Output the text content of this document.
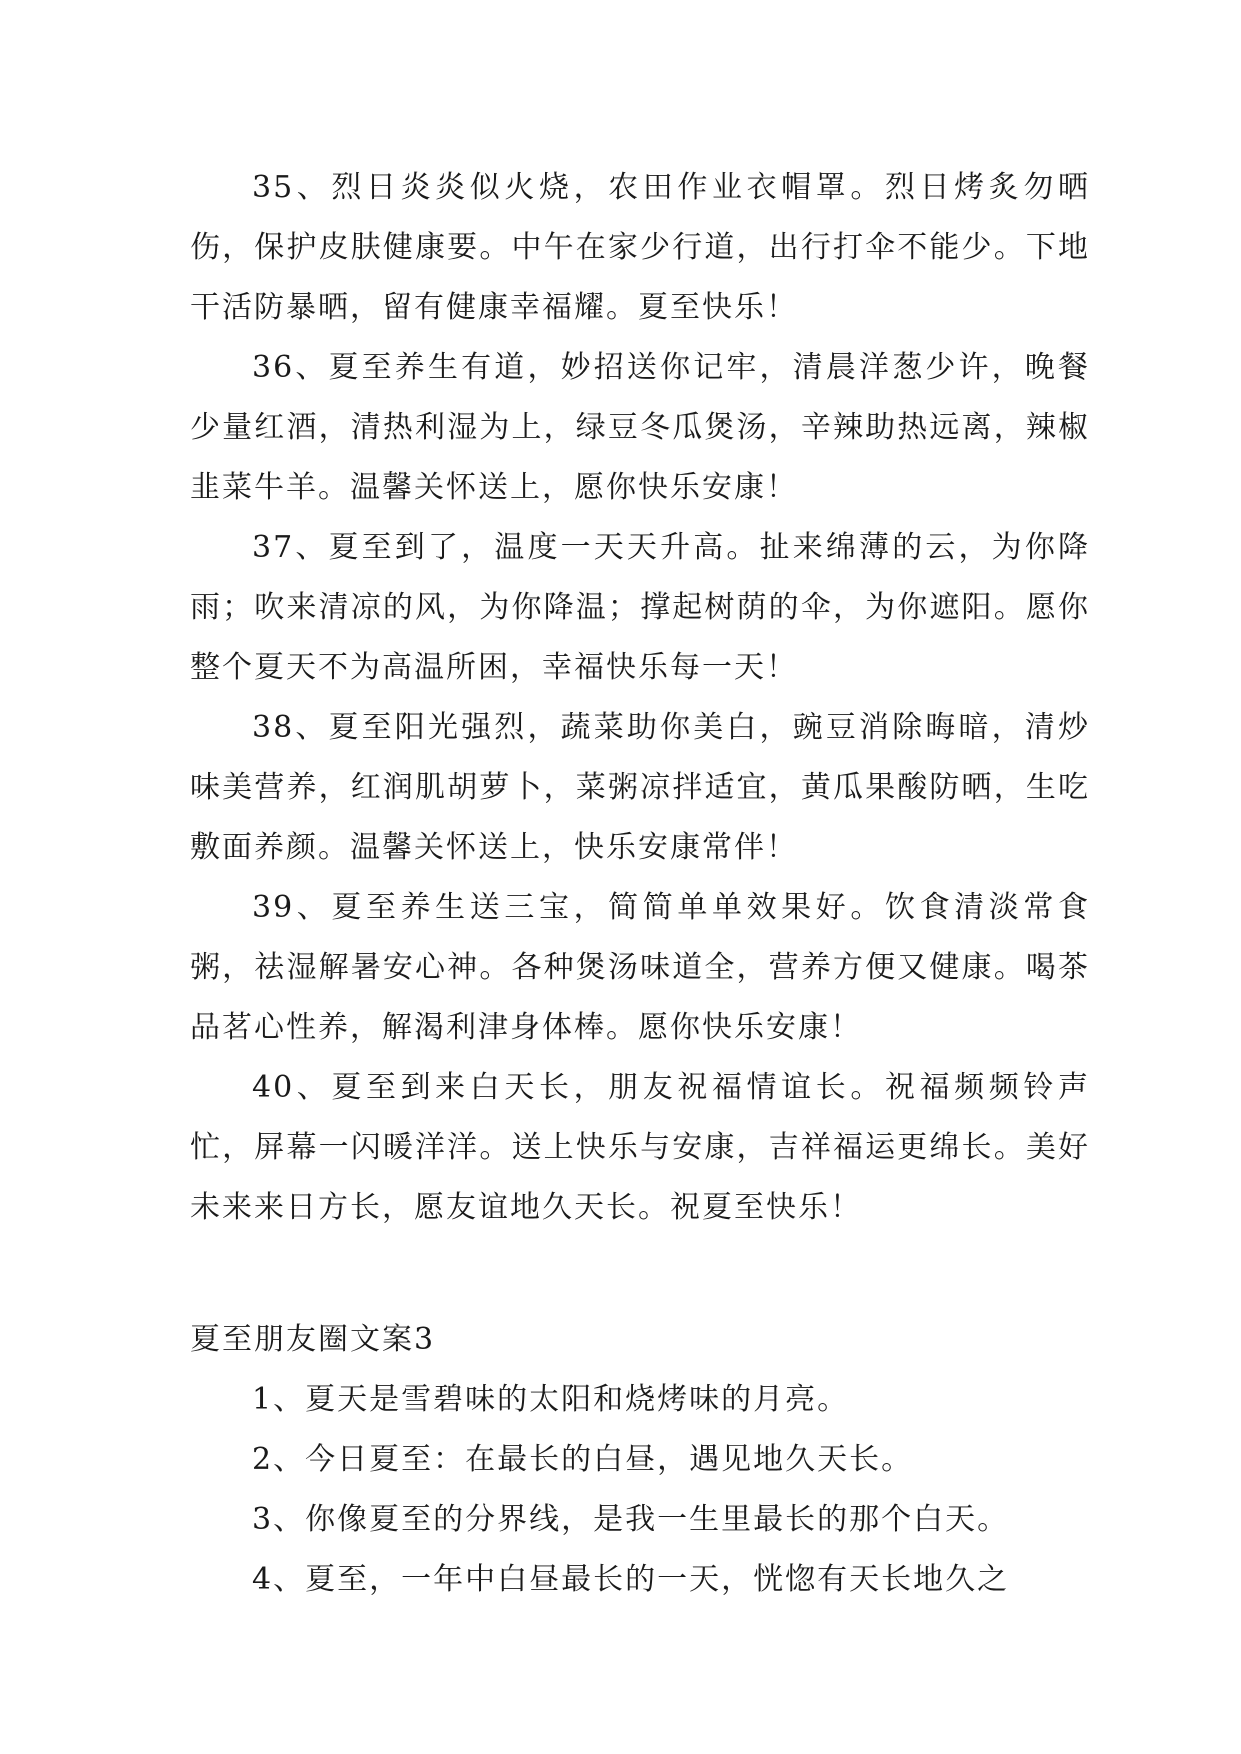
35、烈日炎炎似火烧，农田作业衣帽罩。烈日烤炙勿晒伤，保护皮肤健康要。中午在家少行道，出行打伞不能少。下地干活防暴晒，留有健康幸福耀。夏至快乐！

36、夏至养生有道，妙招送你记牢，清晨洋葱少许，晚餐少量红酒，清热利湿为上，绿豆冬瓜煲汤，辛辣助热远离，辣椒韭菜牛羊。温馨关怀送上，愿你快乐安康！

37、夏至到了，温度一天天升高。扯来绵薄的云，为你降雨；吹来清凉的风，为你降温；撑起树荫的伞，为你遮阳。愿你整个夏天不为高温所困，幸福快乐每一天！

38、夏至阳光强烈，蔬菜助你美白，豌豆消除晦暗，清炒味美营养，红润肌胡萝卜，菜粥凉拌适宜，黄瓜果酸防晒，生吃敷面养颜。温馨关怀送上，快乐安康常伴！

39、夏至养生送三宝，简简单单效果好。饮食清淡常食粥，祛湿解暑安心神。各种煲汤味道全，营养方便又健康。喝茶品茗心性养，解渴利津身体棒。愿你快乐安康！

40、夏至到来白天长，朋友祝福情谊长。祝福频频铃声忙，屏幕一闪暖洋洋。送上快乐与安康，吉祥福运更绵长。美好未来来日方长，愿友谊地久天长。祝夏至快乐！

夏至朋友圈文案3

1、夏天是雪碧味的太阳和烧烤味的月亮。

2、今日夏至：在最长的白昼，遇见地久天长。

3、你像夏至的分界线，是我一生里最长的那个白天。

4、夏至，一年中白昼最长的一天，恍惚有天长地久之
